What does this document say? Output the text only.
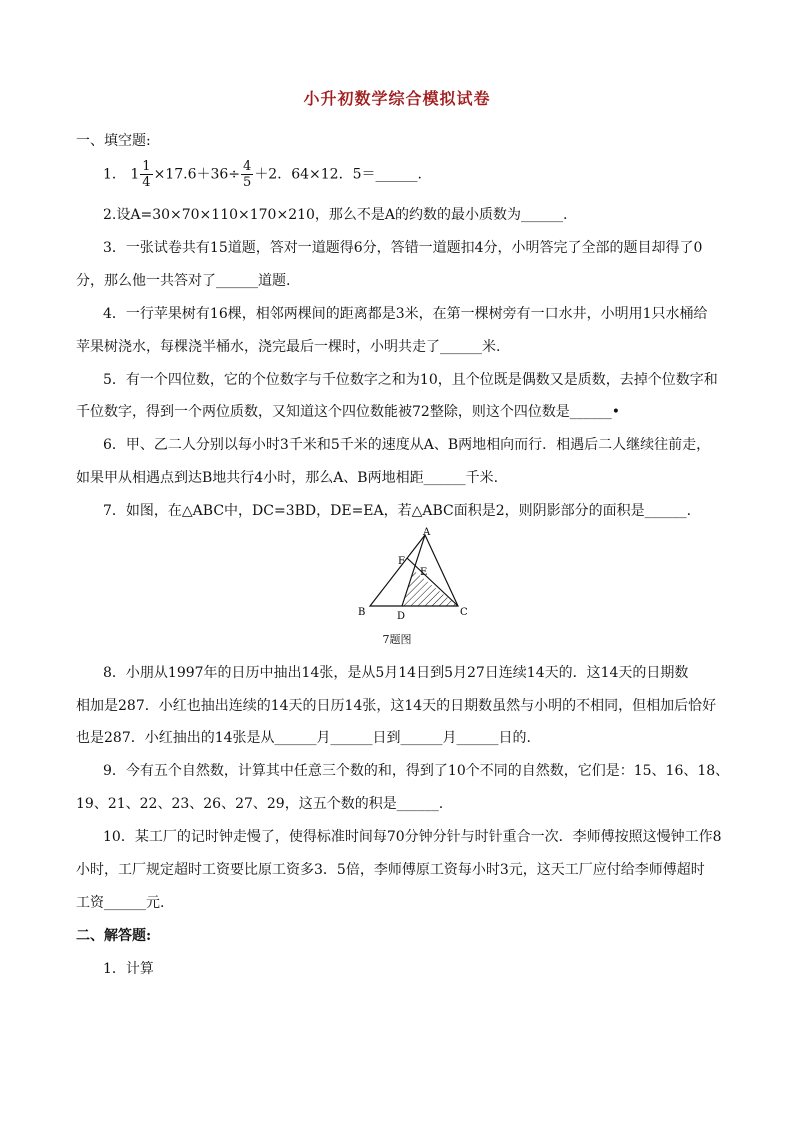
小升初数学综合模拟试卷
一、填空题:
1． $1 \frac{1}{4} \times 17.6+36\div \frac{4}{5} +2$．64×12．5＝______.
2.设A=30×70×110×170×210，那么不是A的约数的最小质数为______.
3．一张试卷共有15道题，答对一道题得6分，答错一道题扣4分，小明答完了全部的题目却得了0
分，那么他一共答对了______道题.
4．一行苹果树有16棵，相邻两棵间的距离都是3米，在第一棵树旁有一口水井，小明用1只水桶给
苹果树浇水，每棵浇半桶水，浇完最后一棵时，小明共走了______米.
5．有一个四位数，它的个位数字与千位数字之和为10，且个位既是偶数又是质数，去掉个位数字和
千位数字，得到一个两位质数，又知道这个四位数能被72整除，则这个四位数是______•
6．甲、乙二人分别以每小时3千米和5千米的速度从A、B两地相向而行．相遇后二人继续往前走，
如果甲从相遇点到达B地共行4小时，那么A、B两地相距______千米.
7．如图，在△ABC中，DC=3BD，DE=EA，若△ABC面积是2，则阴影部分的面积是______.
A
B	C
D
E
F
7题图
8．小朋从1997年的日历中抽出14张，是从5月14日到5月27日连续14天的．这14天的日期数
相加是287．小红也抽出连续的14天的日历14张，这14天的日期数虽然与小明的不相同，但相加后恰好
也是287．小红抽出的14张是从______月______日到______月______日的.
9．今有五个自然数，计算其中任意三个数的和，得到了10个不同的自然数，它们是：15、16、18、
19、21、22、23、26、27、29，这五个数的积是______.
10．某工厂的记时钟走慢了，使得标准时间每70分钟分针与时针重合一次．李师傅按照这慢钟工作8
小时，工厂规定超时工资要比原工资多3．5倍，李师傅原工资每小时3元，这天工厂应付给李师傅超时
工资______元.
二、解答题:
1．计算
